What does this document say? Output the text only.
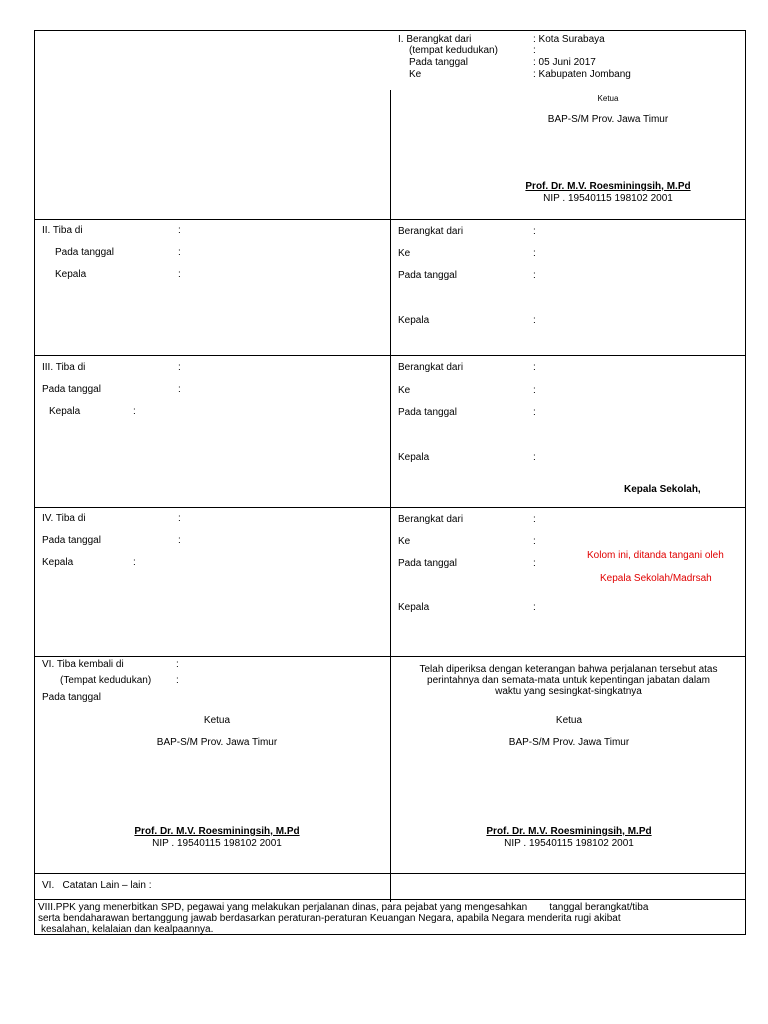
I. Berangkat dari	: Kota Surabaya
(tempat kedudukan)	:
Pada tanggal	: 05 Juni 2017
Ke	: Kabupaten Jombang
Ketua
BAP-S/M Prov. Jawa Timur
Prof. Dr. M.V. Roesminingsih, M.Pd
NIP . 19540115 198102 2001
II. Tiba di	:
Pada tanggal	:
Kepala	:
Berangkat dari	:
Ke	:
Pada tanggal	:
Kepala	:
III. Tiba di	:
Pada tanggal	:
Kepala	:
Berangkat dari	:
Ke	:
Pada tanggal	:
Kepala	:
Kepala Sekolah,
IV. Tiba di	:
Pada tanggal	:
Kepala	:
Berangkat dari	:
Ke	:
Pada tanggal	:
Kepala	:
Kolom ini, ditanda tangani oleh
Kepala Sekolah/Madrsah
VI. Tiba kembali di	:
(Tempat kedudukan) :
Pada tanggal
Telah diperiksa dengan keterangan bahwa perjalanan tersebut atas
perintahnya dan semata-mata untuk kepentingan jabatan dalam
waktu yang sesingkat-singkatnya
Ketua
BAP-S/M Prov. Jawa Timur
Prof. Dr. M.V. Roesminingsih, M.Pd
NIP . 19540115 198102 2001
Ketua
BAP-S/M Prov. Jawa Timur
Prof. Dr. M.V. Roesminingsih, M.Pd
NIP . 19540115 198102 2001
VI.   Catatan Lain – lain :
VIII.PPK yang menerbitkan SPD, pegawai yang melakukan perjalanan dinas, para pejabat yang mengesahkan        tanggal berangkat/tiba
serta bendaharawan bertanggung jawab berdasarkan peraturan-peraturan Keuangan Negara, apabila Negara menderita rugi akibat
kesalahan, kelalaian dan kealpaannya.
